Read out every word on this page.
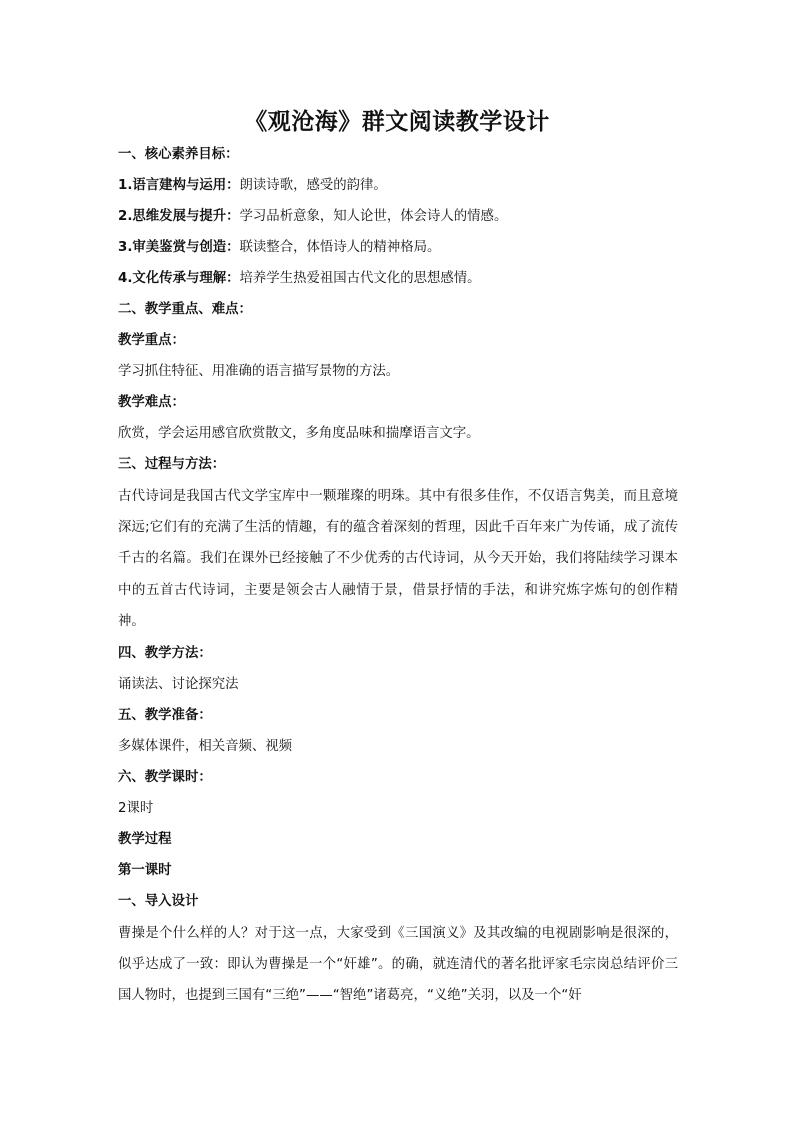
《观沧海》群文阅读教学设计
一、核心素养目标：
1.语言建构与运用：朗读诗歌，感受的韵律。
2.思维发展与提升：学习品析意象，知人论世，体会诗人的情感。
3.审美鉴赏与创造：联读整合，体悟诗人的精神格局。
4.文化传承与理解：培养学生热爱祖国古代文化的思想感情。
二、教学重点、难点：
教学重点：
学习抓住特征、用准确的语言描写景物的方法。
教学难点：
欣赏，学会运用感官欣赏散文，多角度品味和揣摩语言文字。
三、过程与方法：
古代诗词是我国古代文学宝库中一颗璀璨的明珠。其中有很多佳作，不仅语言隽美，而且意境深远;它们有的充满了生活的情趣，有的蕴含着深刻的哲理，因此千百年来广为传诵，成了流传千古的名篇。我们在课外已经接触了不少优秀的古代诗词，从今天开始，我们将陆续学习课本中的五首古代诗词，主要是领会古人融情于景，借景抒情的手法，和讲究炼字炼句的创作精神。
四、教学方法：
诵读法、讨论探究法
五、教学准备：
多媒体课件，相关音频、视频
六、教学课时：
2课时
教学过程
第一课时
一、导入设计
曹操是个什么样的人？对于这一点，大家受到《三国演义》及其改编的电视剧影响是很深的，似乎达成了一致：即认为曹操是一个“奸雄”。的确，就连清代的著名批评家毛宗岗总结评价三国人物时，也提到三国有“三绝”——“智绝”诸葛亮，“义绝”关羽，以及一个“奸
